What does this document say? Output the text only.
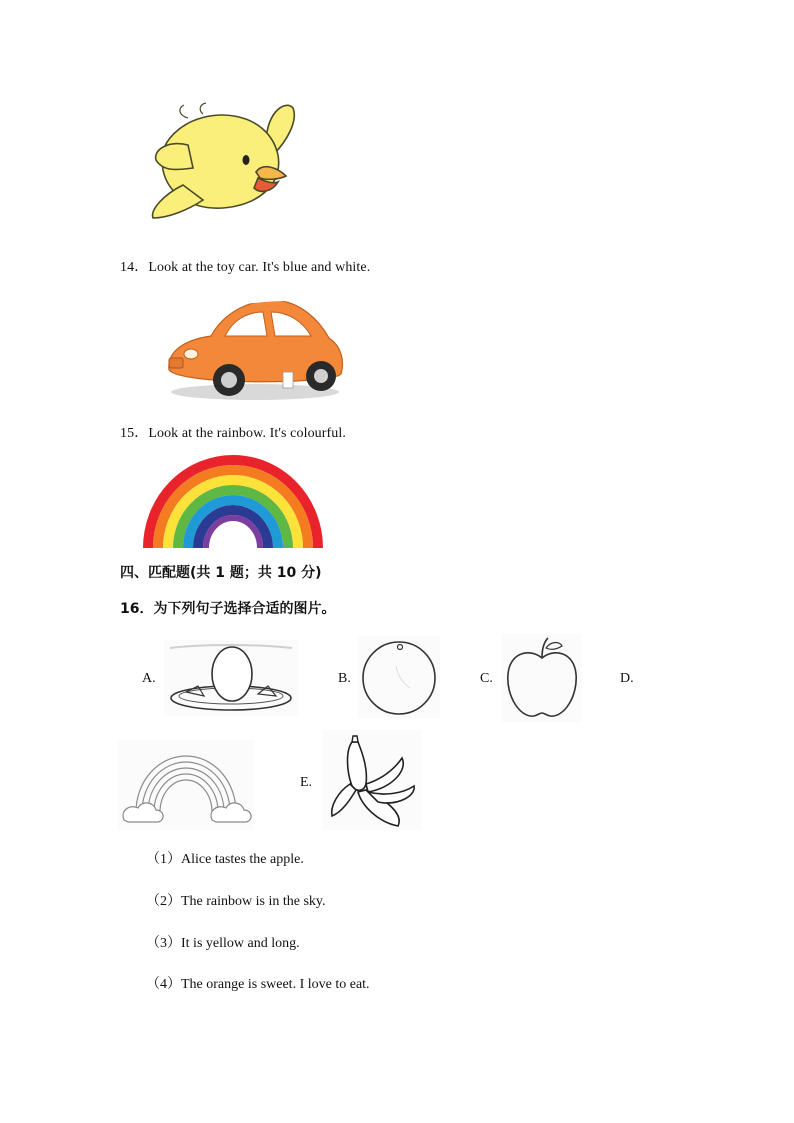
14．Look at the toy car. It's blue and white.
15．Look at the rainbow. It's colourful.
四、匹配题(共 1 题；共 10 分)
16．为下列句子选择合适的图片。
A.	B.	C.	D.
E.
（1）Alice tastes the apple.
（2）The rainbow is in the sky.
（3）It is yellow and long.
（4）The orange is sweet. I love to eat.
